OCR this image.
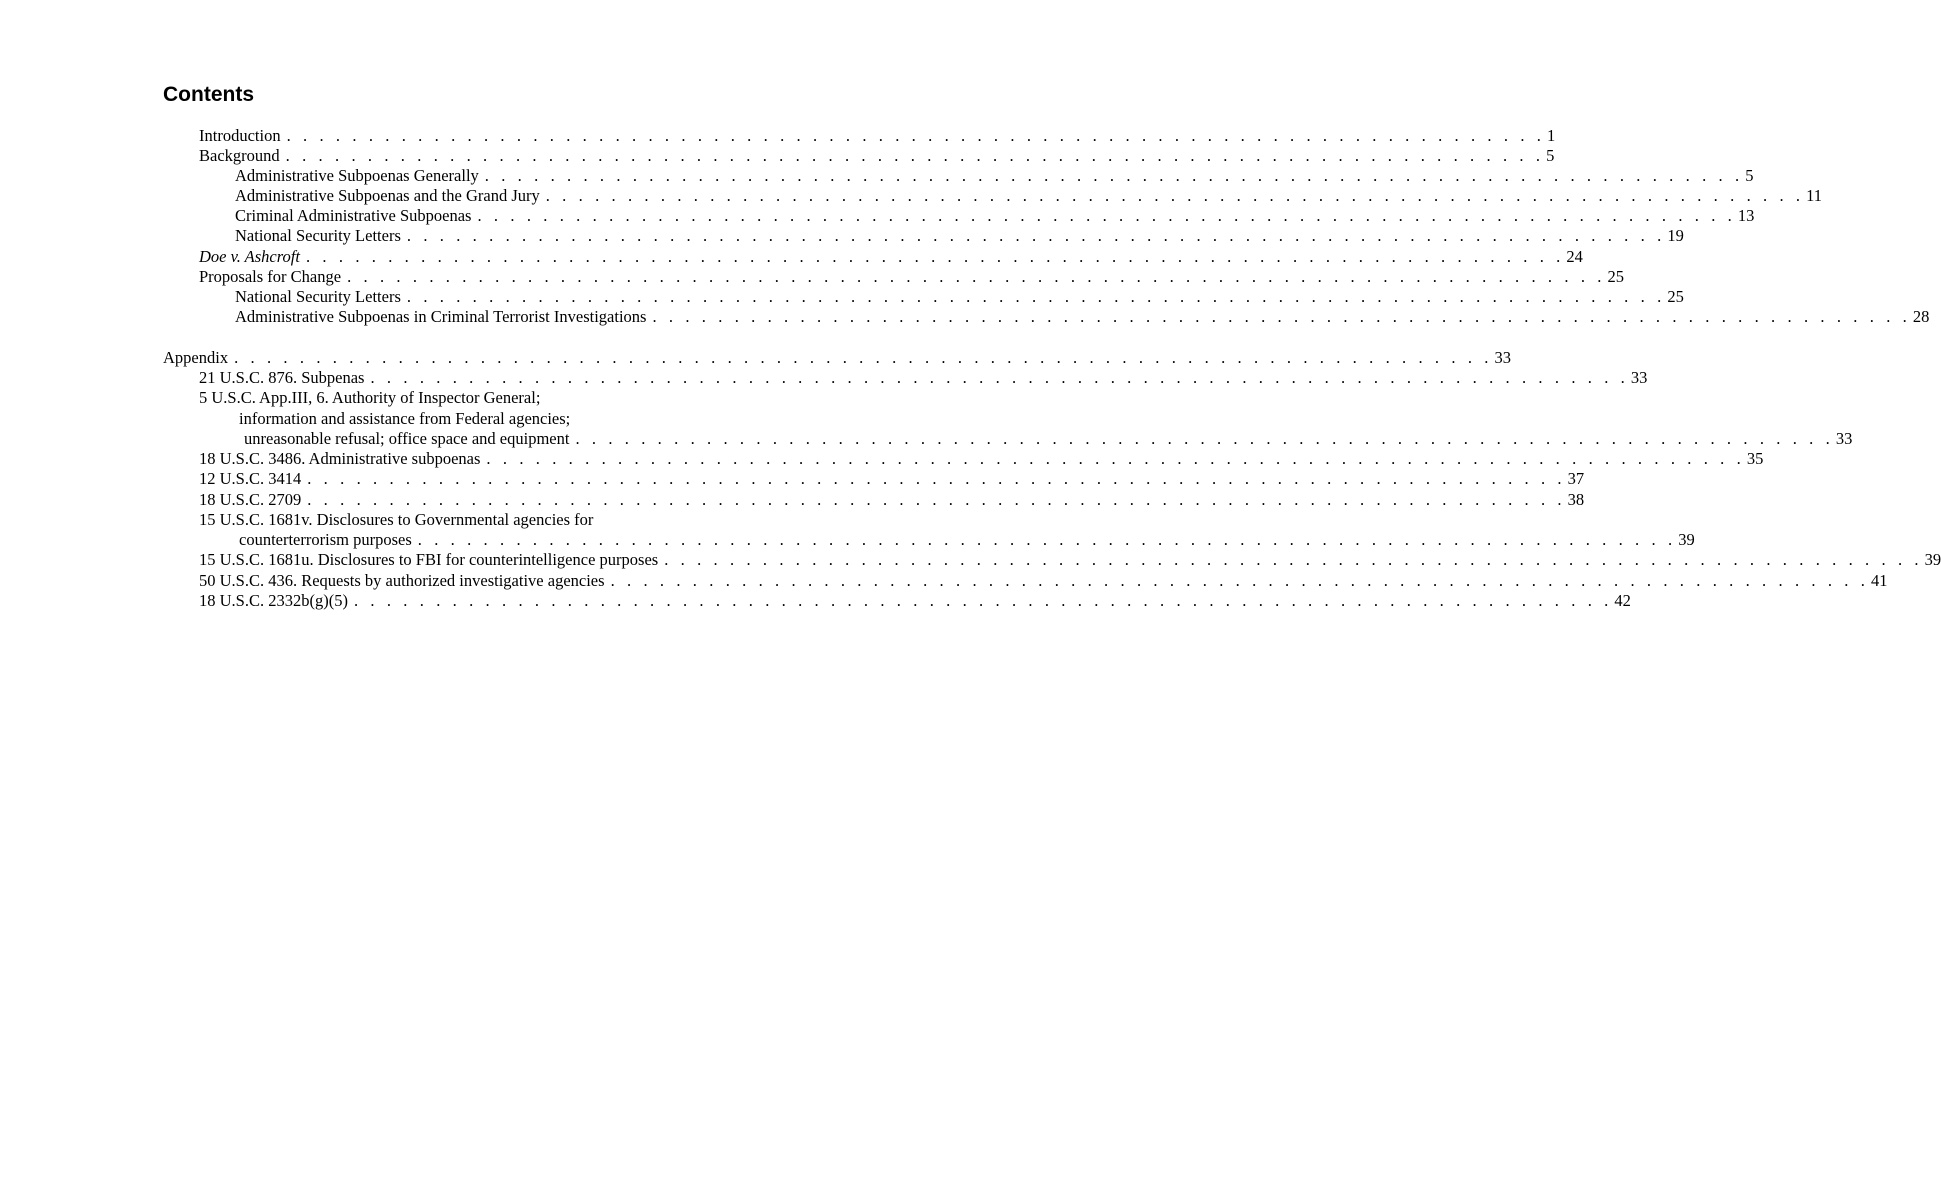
Contents
Introduction . . . . . . . . . . . . . . . . . . . . . . . . . . . . . . . . . . . . . . . . . . . . . . . . . . . . . . . . . . . . . . . . . . . . . . . . . . . . . 1
Background . . . . . . . . . . . . . . . . . . . . . . . . . . . . . . . . . . . . . . . . . . . . . . . . . . . . . . . . . . . . . . . . . . . . . . . . . . . . . 5
Administrative Subpoenas Generally . . . . . . . . . . . . . . . . . . . . . . . . . . . . . . . . . . . . . . . . . . . . . . . . . . . . . . . . . . . . . . . . . . . . . . . . . . . . . 5
Administrative Subpoenas and the Grand Jury . . . . . . . . . . . . . . . . . . . . . . . . . . . . . . . . . . . . . . . . . . . . . . . . . . . . . . . . . . . . . . . . . . . . . . . . . . . . . 11
Criminal Administrative Subpoenas . . . . . . . . . . . . . . . . . . . . . . . . . . . . . . . . . . . . . . . . . . . . . . . . . . . . . . . . . . . . . . . . . . . . . . . . . . . . . 13
National Security Letters . . . . . . . . . . . . . . . . . . . . . . . . . . . . . . . . . . . . . . . . . . . . . . . . . . . . . . . . . . . . . . . . . . . . . . . . . . . . . 19
Doe v. Ashcroft . . . . . . . . . . . . . . . . . . . . . . . . . . . . . . . . . . . . . . . . . . . . . . . . . . . . . . . . . . . . . . . . . . . . . . . . . . . . . 24
Proposals for Change . . . . . . . . . . . . . . . . . . . . . . . . . . . . . . . . . . . . . . . . . . . . . . . . . . . . . . . . . . . . . . . . . . . . . . . . . . . . . 25
National Security Letters . . . . . . . . . . . . . . . . . . . . . . . . . . . . . . . . . . . . . . . . . . . . . . . . . . . . . . . . . . . . . . . . . . . . . . . . . . . . . 25
Administrative Subpoenas in Criminal Terrorist Investigations . . . . . . . . . . . . . . . . . . . . . . . . . . . . . . . . . . . . . . . . . . . . . . . . . . . . . . . . . . . . . . . . . . . . . . . . . . . . . 28
Appendix . . . . . . . . . . . . . . . . . . . . . . . . . . . . . . . . . . . . . . . . . . . . . . . . . . . . . . . . . . . . . . . . . . . . . . . . . . . . . 33
21 U.S.C. 876. Subpenas . . . . . . . . . . . . . . . . . . . . . . . . . . . . . . . . . . . . . . . . . . . . . . . . . . . . . . . . . . . . . . . . . . . . . . . . . . . . . 33
5 U.S.C. App.III, 6. Authority of Inspector General;
information and assistance from Federal agencies;
unreasonable refusal; office space and equipment . . . . . . . . . . . . . . . . . . . . . . . . . . . . . . . . . . . . . . . . . . . . . . . . . . . . . . . . . . . . . . . . . . . . . . . . . . . . . 33
18 U.S.C. 3486. Administrative subpoenas . . . . . . . . . . . . . . . . . . . . . . . . . . . . . . . . . . . . . . . . . . . . . . . . . . . . . . . . . . . . . . . . . . . . . . . . . . . . . 35
12 U.S.C. 3414 . . . . . . . . . . . . . . . . . . . . . . . . . . . . . . . . . . . . . . . . . . . . . . . . . . . . . . . . . . . . . . . . . . . . . . . . . . . . . 37
18 U.S.C. 2709 . . . . . . . . . . . . . . . . . . . . . . . . . . . . . . . . . . . . . . . . . . . . . . . . . . . . . . . . . . . . . . . . . . . . . . . . . . . . . 38
15 U.S.C. 1681v. Disclosures to Governmental agencies for
counterterrorism purposes . . . . . . . . . . . . . . . . . . . . . . . . . . . . . . . . . . . . . . . . . . . . . . . . . . . . . . . . . . . . . . . . . . . . . . . . . . . . . 39
15 U.S.C. 1681u. Disclosures to FBI for counterintelligence purposes . . . . . . . . . . . . . . . . . . . . . . . . . . . . . . . . . . . . . . . . . . . . . . . . . . . . . . . . . . . . . . . . . . . . . . . . . . . . . 39
50 U.S.C. 436. Requests by authorized investigative agencies . . . . . . . . . . . . . . . . . . . . . . . . . . . . . . . . . . . . . . . . . . . . . . . . . . . . . . . . . . . . . . . . . . . . . . . . . . . . . 41
18 U.S.C. 2332b(g)(5) . . . . . . . . . . . . . . . . . . . . . . . . . . . . . . . . . . . . . . . . . . . . . . . . . . . . . . . . . . . . . . . . . . . . . . . . . . . . . 42
